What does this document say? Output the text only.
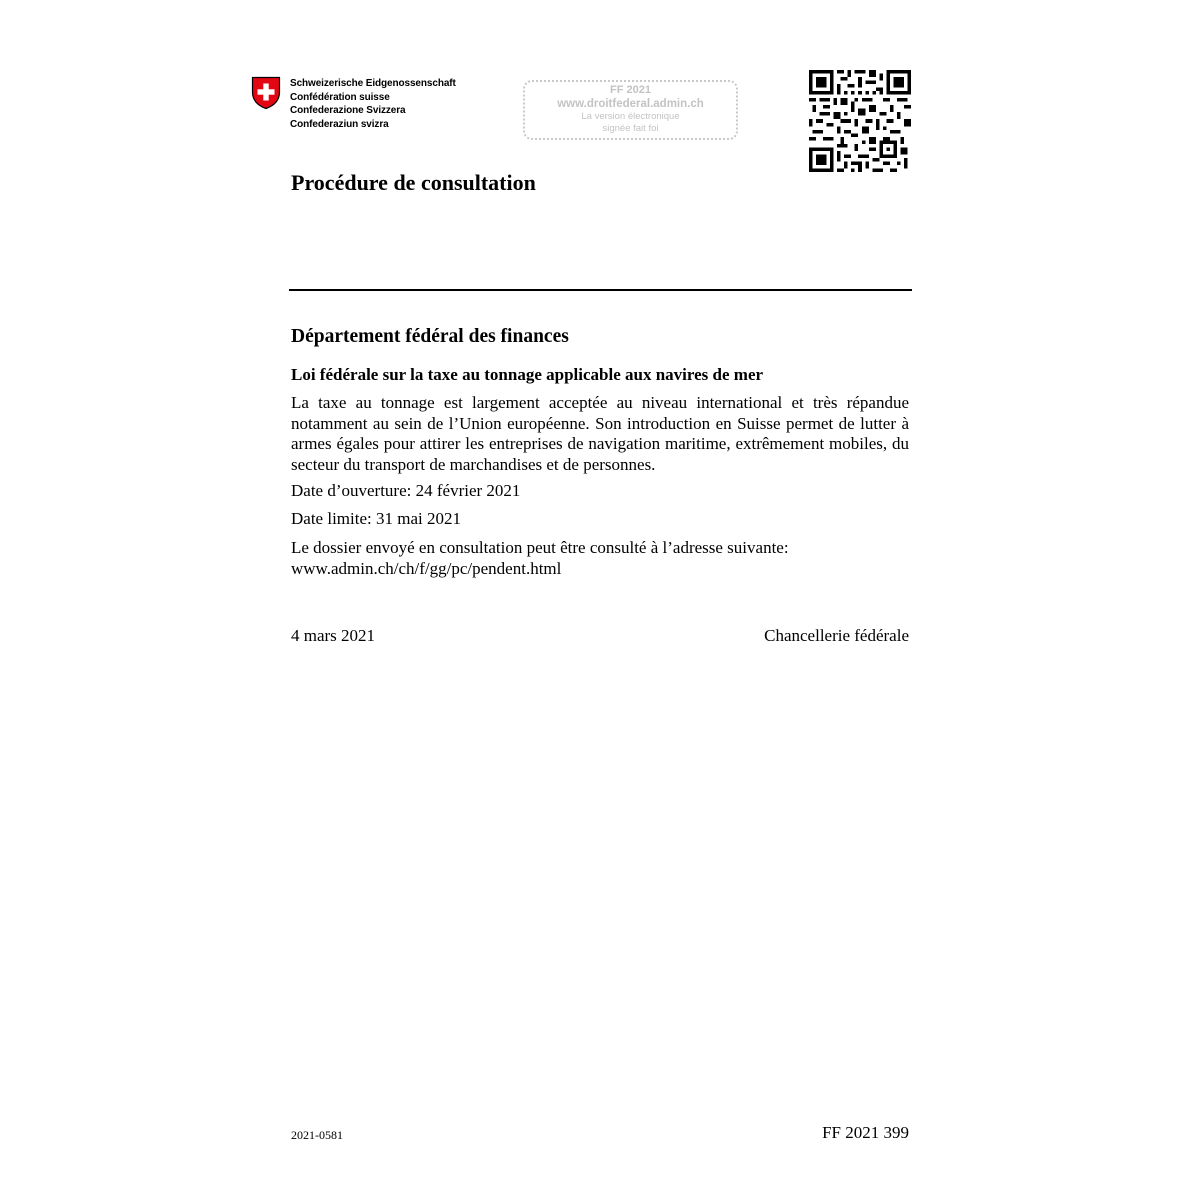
Schweizerische Eidgenossenschaft
Confédération suisse
Confederazione Svizzera
Confederaziun svizra
FF 2021
www.droitfederal.admin.ch
La version électronique
signée fait foi
Procédure de consultation
Département fédéral des finances
Loi fédérale sur la taxe au tonnage applicable aux navires de mer
La taxe au tonnage est largement acceptée au niveau international et très répandue notamment au sein de l’Union européenne. Son introduction en Suisse permet de lutter à armes égales pour attirer les entreprises de navigation maritime, extrêmement mobiles, du secteur du transport de marchandises et de personnes.
Date d’ouverture: 24 février 2021
Date limite: 31 mai 2021
Le dossier envoyé en consultation peut être consulté à l’adresse suivante:
www.admin.ch/ch/f/gg/pc/pendent.html
4 mars 2021	Chancellerie fédérale
2021-0581	FF 2021 399
